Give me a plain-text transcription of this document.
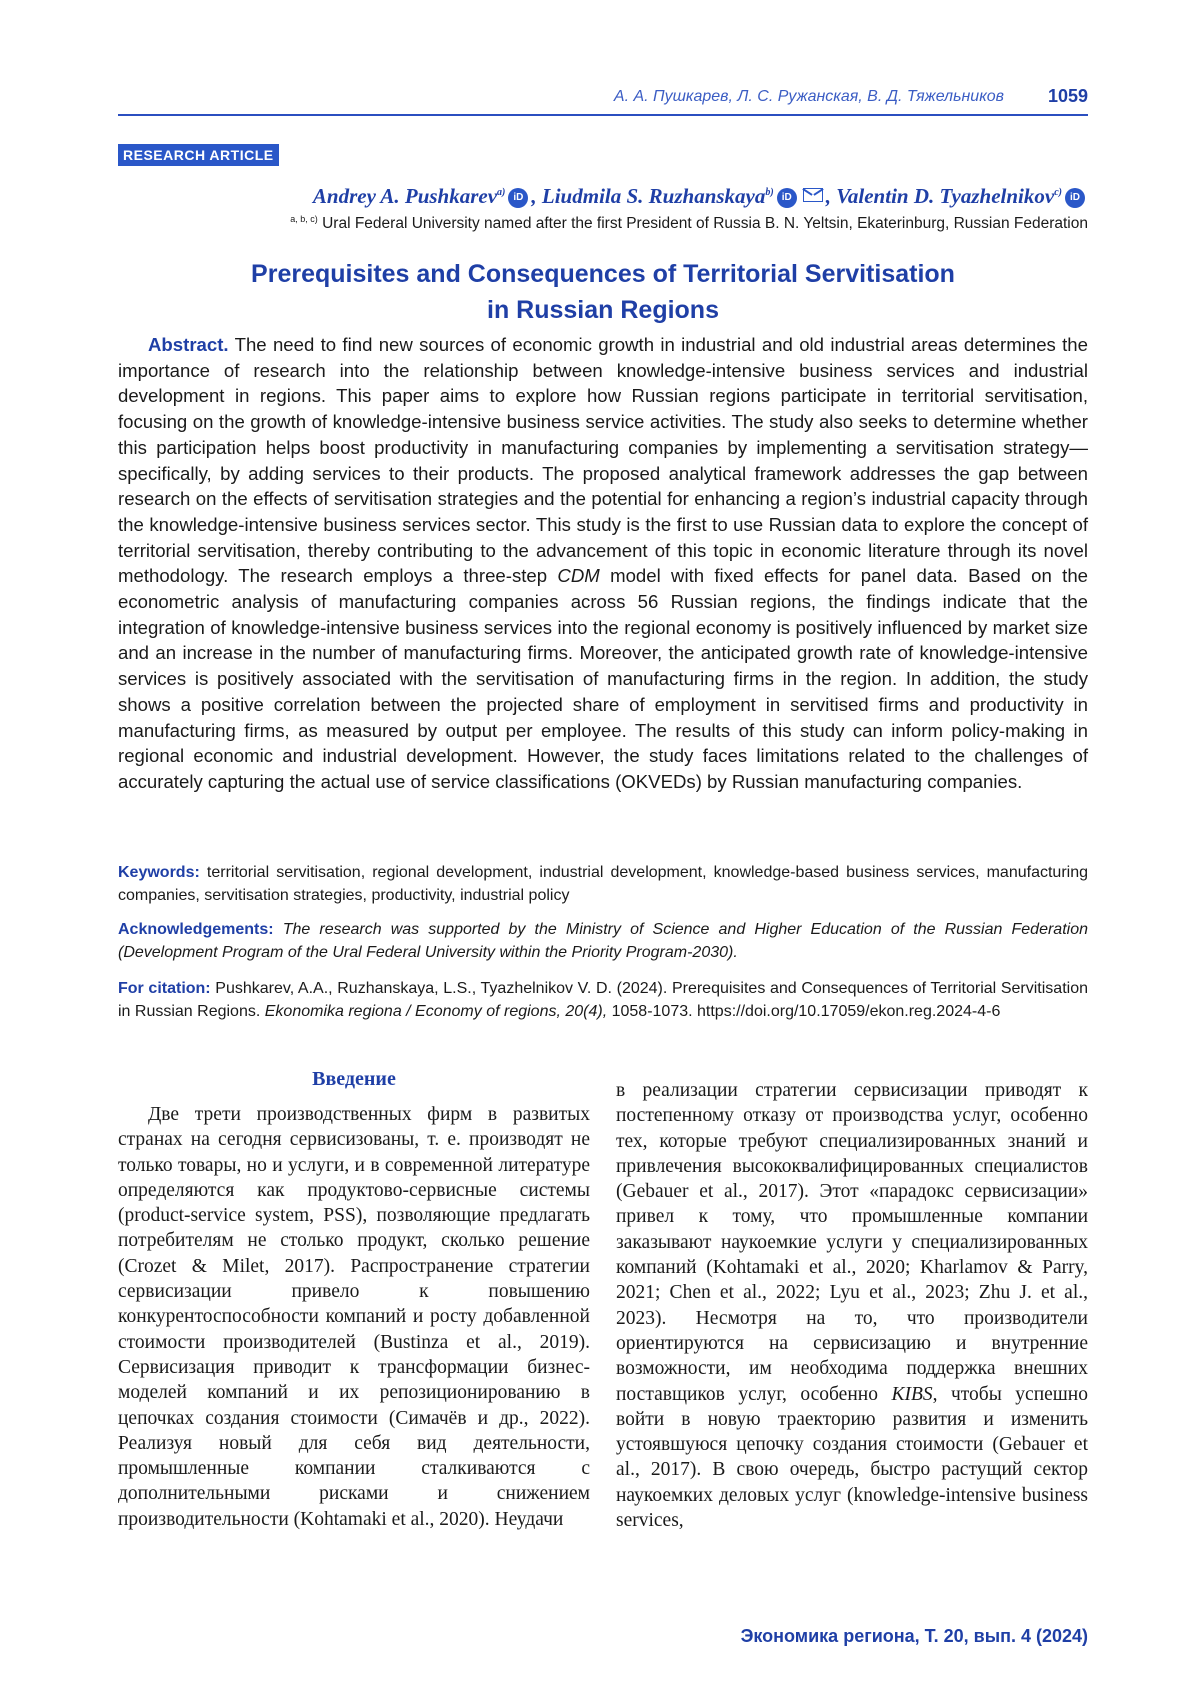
А. А. Пушкарев, Л. С. Ружанская, В. Д. Тяжельников 1059
RESEARCH ARTICLE
Andrey A. Pushkarev$^{a)}$ iD , Liudmila S. Ruzhanskaya$^{b)}$ iD , Valentin D. Tyazhelnikov$^{c)}$ iD
$^{a, b, c)}$ Ural Federal University named after the first President of Russia B. N. Yeltsin, Ekaterinburg, Russian Federation
Prerequisites and Consequences of Territorial Servitisation
in Russian Regions
Abstract. The need to find new sources of economic growth in industrial and old industrial areas determines the importance of research into the relationship between knowledge-intensive business services and industrial development in regions. This paper aims to explore how Russian regions participate in territorial servitisation, focusing on the growth of knowledge-intensive business service activities. The study also seeks to determine whether this participation helps boost productivity in manufacturing companies by implementing a servitisation strategy—specifically, by adding services to their products. The proposed analytical framework addresses the gap between research on the effects of servitisation strategies and the potential for enhancing a region’s industrial capacity through the knowledge-intensive business services sector. This study is the first to use Russian data to explore the concept of territorial servitisation, thereby contributing to the advancement of this topic in economic literature through its novel methodology. The research employs a three-step CDM model with fixed effects for panel data. Based on the econometric analysis of manufacturing companies across 56 Russian regions, the findings indicate that the integration of knowledge-intensive business services into the regional economy is positively influenced by market size and an increase in the number of manufacturing firms. Moreover, the anticipated growth rate of knowledge-intensive services is positively associated with the servitisation of manufacturing firms in the region. In addition, the study shows a positive correlation between the projected share of employment in servitised firms and productivity in manufacturing firms, as measured by output per employee. The results of this study can inform policy-making in regional economic and industrial development. However, the study faces limitations related to the challenges of accurately capturing the actual use of service classifications (OKVEDs) by Russian manufacturing companies.
Keywords: territorial servitisation, regional development, industrial development, knowledge-based business services, manufacturing companies, servitisation strategies, productivity, industrial policy
Acknowledgements: The research was supported by the Ministry of Science and Higher Education of the Russian Federation (Development Program of the Ural Federal University within the Priority Program-2030).
For citation: Pushkarev, A.A., Ruzhanskaya, L.S., Tyazhelnikov V. D. (2024). Prerequisites and Consequences of Territorial Servitisation in Russian Regions. Ekonomika regiona / Economy of regions, 20(4), 1058-1073. https://doi.org/10.17059/ekon.reg.2024-4-6
Введение
Две трети производственных фирм в развитых странах на сегодня сервисизованы, т. е. производят не только товары, но и услуги, и в современной литературе определяются как продуктово-сервисные системы (product-service system, PSS), позволяющие предлагать потребителям не столько продукт, сколько решение (Crozet & Milet, 2017). Распространение стратегии сервисизации привело к повышению конкурентоспособности компаний и росту добавленной стоимости производителей (Bustinza et al., 2019). Сервисизация приводит к трансформации бизнес-моделей компаний и их репозиционированию в цепочках создания стоимости (Симачёв и др., 2022). Реализуя новый для себя вид деятельности, промышленные компании сталкиваются с дополнительными рисками и снижением производительности (Kohtamaki et al., 2020). Неудачи
в реализации стратегии сервисизации приводят к постепенному отказу от производства услуг, особенно тех, которые требуют специализированных знаний и привлечения высококвалифицированных специалистов (Gebauer et al., 2017). Этот «парадокс сервисизации» привел к тому, что промышленные компании заказывают наукоемкие услуги у специализированных компаний (Kohtamaki et al., 2020; Kharlamov & Parry, 2021; Chen et al., 2022; Lyu et al., 2023; Zhu J. et al., 2023). Несмотря на то, что производители ориентируются на сервисизацию и внутренние возможности, им необходима поддержка внешних поставщиков услуг, особенно KIBS, чтобы успешно войти в новую траекторию развития и изменить устоявшуюся цепочку создания стоимости (Gebauer et al., 2017). В свою очередь, быстро растущий сектор наукоемких деловых услуг (knowledge-intensive business services,
Экономика региона, Т. 20, вып. 4 (2024)
